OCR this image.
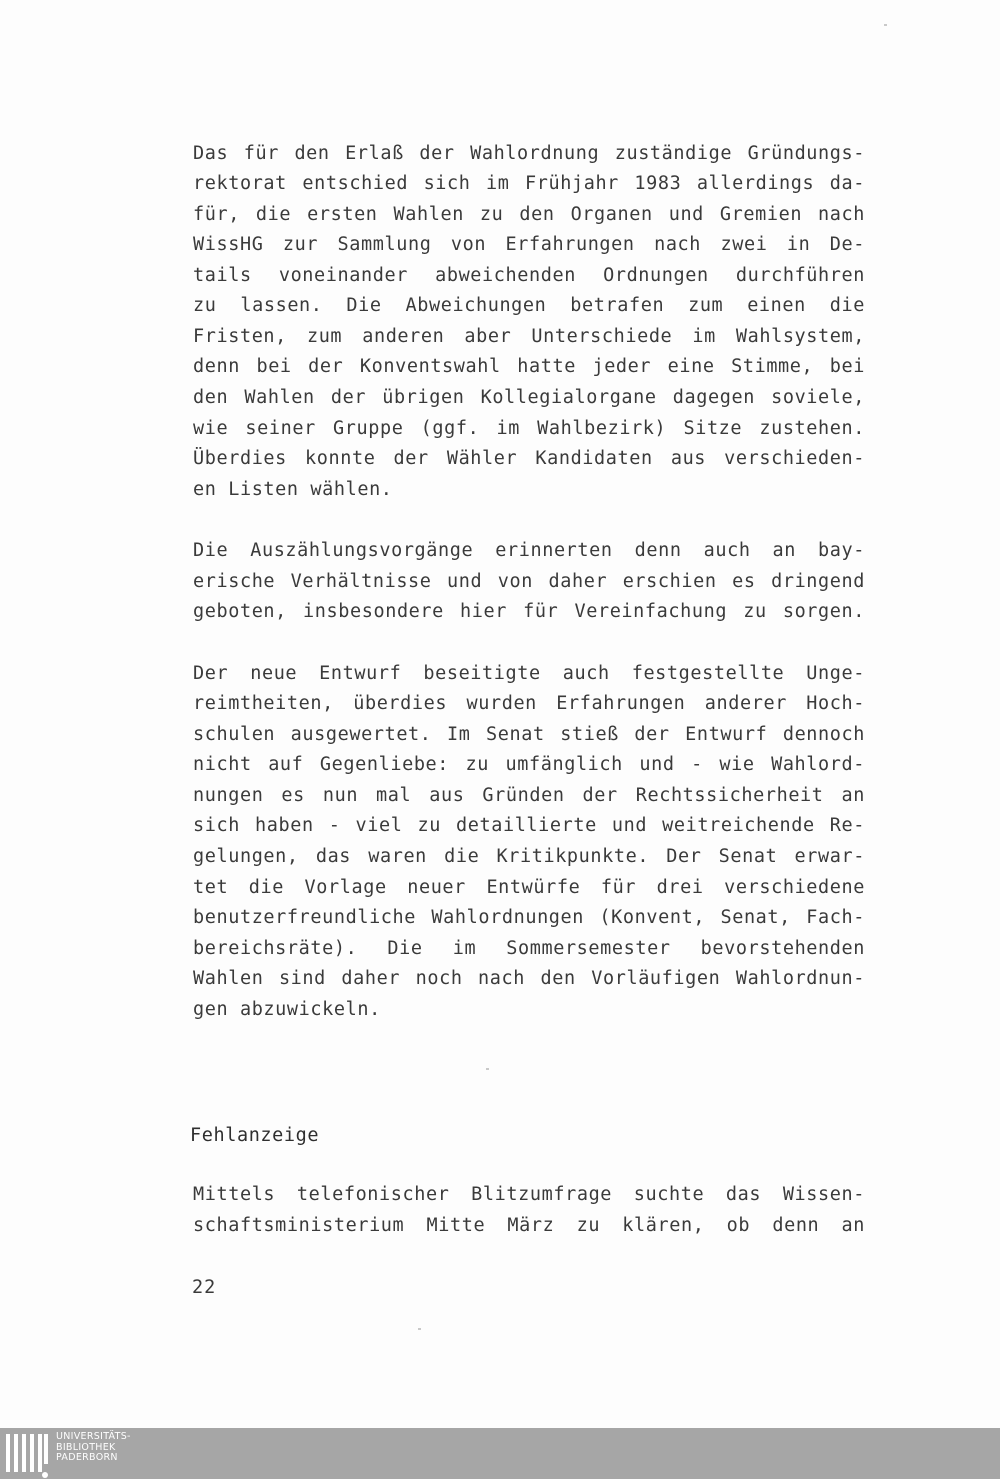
Das für den Erlaß der Wahlordnung zuständige Gründungs-
rektorat entschied sich im Frühjahr 1983 allerdings da-
für, die ersten Wahlen zu den Organen und Gremien nach
WissHG zur Sammlung von Erfahrungen nach zwei in De-
tails voneinander abweichenden Ordnungen durchführen
zu lassen. Die Abweichungen betrafen zum einen die
Fristen, zum anderen aber Unterschiede im Wahlsystem,
denn bei der Konventswahl hatte jeder eine Stimme, bei
den Wahlen der übrigen Kollegialorgane dagegen soviele,
wie seiner Gruppe (ggf. im Wahlbezirk) Sitze zustehen.
Überdies konnte der Wähler Kandidaten aus verschieden-
en Listen wählen.
Die Auszählungsvorgänge erinnerten denn auch an bay-
erische Verhältnisse und von daher erschien es dringend
geboten, insbesondere hier für Vereinfachung zu sorgen.
Der neue Entwurf beseitigte auch festgestellte Unge-
reimtheiten, überdies wurden Erfahrungen anderer Hoch-
schulen ausgewertet. Im Senat stieß der Entwurf dennoch
nicht auf Gegenliebe: zu umfänglich und - wie Wahlord-
nungen es nun mal aus Gründen der Rechtssicherheit an
sich haben - viel zu detaillierte und weitreichende Re-
gelungen, das waren die Kritikpunkte. Der Senat erwar-
tet die Vorlage neuer Entwürfe für drei verschiedene
benutzerfreundliche Wahlordnungen (Konvent, Senat, Fach-
bereichsräte). Die im Sommersemester bevorstehenden
Wahlen sind daher noch nach den Vorläufigen Wahlordnun-
gen abzuwickeln.
Fehlanzeige
Mittels telefonischer Blitzumfrage suchte das Wissen-
schaftsministerium Mitte März zu klären, ob denn an
22
UNIVERSITÄTS-
BIBLIOTHEK
PADERBORN
